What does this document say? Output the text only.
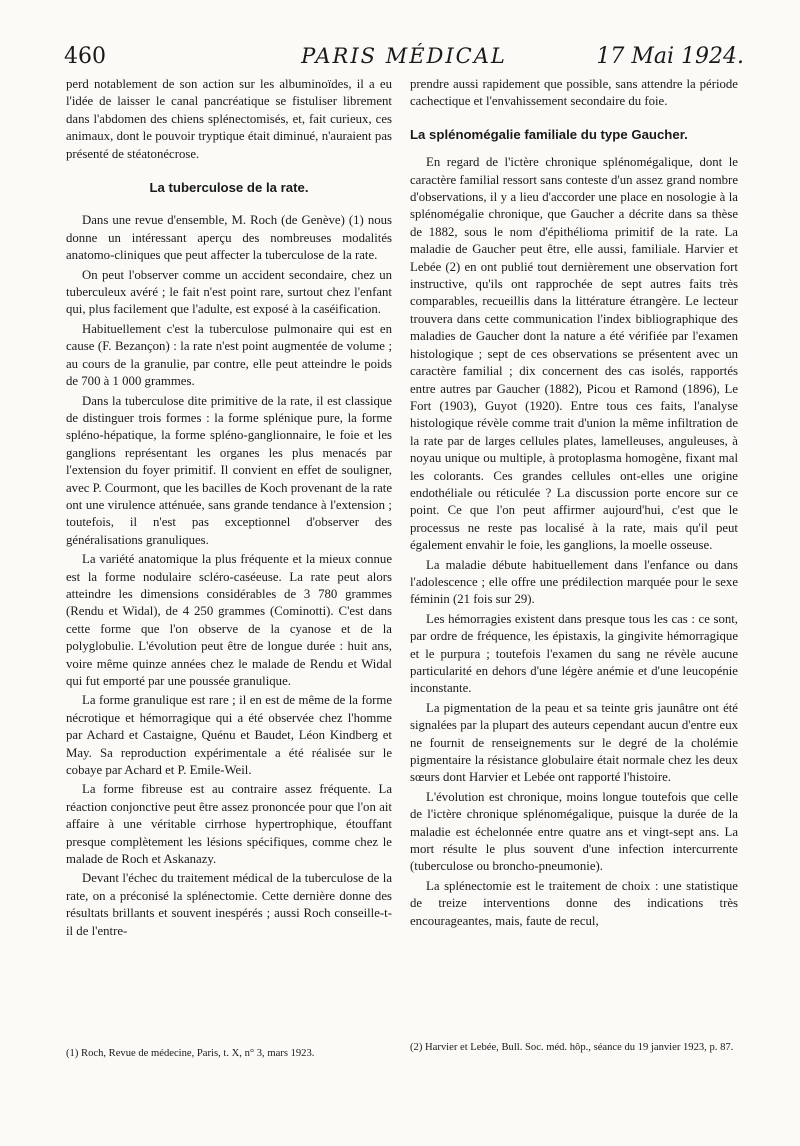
460	PARIS MÉDICAL	17 Mai 1924.

perd notablement de son action sur les albuminoïdes, il a eu l'idée de laisser le canal pancréatique se fistuliser librement dans l'abdomen des chiens splénectomisés, et, fait curieux, ces animaux, dont le pouvoir tryptique était diminué, n'auraient pas présenté de stéatonécrose.

La tuberculose de la rate.

Dans une revue d'ensemble, M. Roch (de Genève) (1) nous donne un intéressant aperçu des nombreuses modalités anatomo-cliniques que peut affecter la tuberculose de la rate.

On peut l'observer comme un accident secondaire, chez un tuberculeux avéré ; le fait n'est point rare, surtout chez l'enfant qui, plus facilement que l'adulte, est exposé à la caséification.

Habituellement c'est la tuberculose pulmonaire qui est en cause (F. Bezançon) : la rate n'est point augmentée de volume ; au cours de la granulie, par contre, elle peut atteindre le poids de 700 à 1 000 grammes.

Dans la tuberculose dite primitive de la rate, il est classique de distinguer trois formes : la forme splénique pure, la forme spléno-hépatique, la forme spléno-ganglionnaire, le foie et les ganglions représentant les organes les plus menacés par l'extension du foyer primitif. Il convient en effet de souligner, avec P. Courmont, que les bacilles de Koch provenant de la rate ont une virulence atténuée, sans grande tendance à l'extension ; toutefois, il n'est pas exceptionnel d'observer des généralisations granuliques.

La variété anatomique la plus fréquente et la mieux connue est la forme nodulaire scléro-caséeuse. La rate peut alors atteindre les dimensions considérables de 3 780 grammes (Rendu et Widal), de 4 250 grammes (Cominotti). C'est dans cette forme que l'on observe de la cyanose et de la polyglobulie. L'évolution peut être de longue durée : huit ans, voire même quinze années chez le malade de Rendu et Widal qui fut emporté par une poussée granulique.

La forme granulique est rare ; il en est de même de la forme nécrotique et hémorragique qui a été observée chez l'homme par Achard et Castaigne, Quénu et Baudet, Léon Kindberg et May. Sa reproduction expérimentale a été réalisée sur le cobaye par Achard et P. Emile-Weil.

La forme fibreuse est au contraire assez fréquente. La réaction conjonctive peut être assez prononcée pour que l'on ait affaire à une véritable cirrhose hypertrophique, étouffant presque complètement les lésions spécifiques, comme chez le malade de Roch et Askanazy.

Devant l'échec du traitement médical de la tuberculose de la rate, on a préconisé la splénectomie. Cette dernière donne des résultats brillants et souvent inespérés ; aussi Roch conseille-t-il de l'entre-

prendre aussi rapidement que possible, sans attendre la période cachectique et l'envahissement secondaire du foie.

La splénomégalie familiale du type Gaucher.

En regard de l'ictère chronique splénomégalique, dont le caractère familial ressort sans conteste d'un assez grand nombre d'observations, il y a lieu d'accorder une place en nosologie à la splénomégalie chronique, que Gaucher a décrite dans sa thèse de 1882, sous le nom d'épithélioma primitif de la rate. La maladie de Gaucher peut être, elle aussi, familiale. Harvier et Lebée (2) en ont publié tout dernièrement une observation fort instructive, qu'ils ont rapprochée de sept autres faits très comparables, recueillis dans la littérature étrangère. Le lecteur trouvera dans cette communication l'index bibliographique des maladies de Gaucher dont la nature a été vérifiée par l'examen histologique ; sept de ces observations se présentent avec un caractère familial ; dix concernent des cas isolés, rapportés entre autres par Gaucher (1882), Picou et Ramond (1896), Le Fort (1903), Guyot (1920). Entre tous ces faits, l'analyse histologique révèle comme trait d'union la même infiltration de la rate par de larges cellules plates, lamelleuses, anguleuses, à noyau unique ou multiple, à protoplasma homogène, fixant mal les colorants. Ces grandes cellules ont-elles une origine endothéliale ou réticulée ? La discussion porte encore sur ce point. Ce que l'on peut affirmer aujourd'hui, c'est que le processus ne reste pas localisé à la rate, mais qu'il peut également envahir le foie, les ganglions, la moelle osseuse.

La maladie débute habituellement dans l'enfance ou dans l'adolescence ; elle offre une prédilection marquée pour le sexe féminin (21 fois sur 29).

Les hémorragies existent dans presque tous les cas : ce sont, par ordre de fréquence, les épistaxis, la gingivite hémorragique et le purpura ; toutefois l'examen du sang ne révèle aucune particularité en dehors d'une légère anémie et d'une leucopénie inconstante.

La pigmentation de la peau et sa teinte gris jaunâtre ont été signalées par la plupart des auteurs cependant aucun d'entre eux ne fournit de renseignements sur le degré de la cholémie pigmentaire la résistance globulaire était normale chez les deux sœurs dont Harvier et Lebée ont rapporté l'histoire.

L'évolution est chronique, moins longue toutefois que celle de l'ictère chronique splénomégalique, puisque la durée de la maladie est échelonnée entre quatre ans et vingt-sept ans. La mort résulte le plus souvent d'une infection intercurrente (tuberculose ou broncho-pneumonie).

La splénectomie est le traitement de choix : une statistique de treize interventions donne des indications très encourageantes, mais, faute de recul,

(1) Roch, Revue de médecine, Paris, t. X, n° 3, mars 1923.
(2) Harvier et Lebée, Bull. Soc. méd. hôp., séance du 19 janvier 1923, p. 87.
